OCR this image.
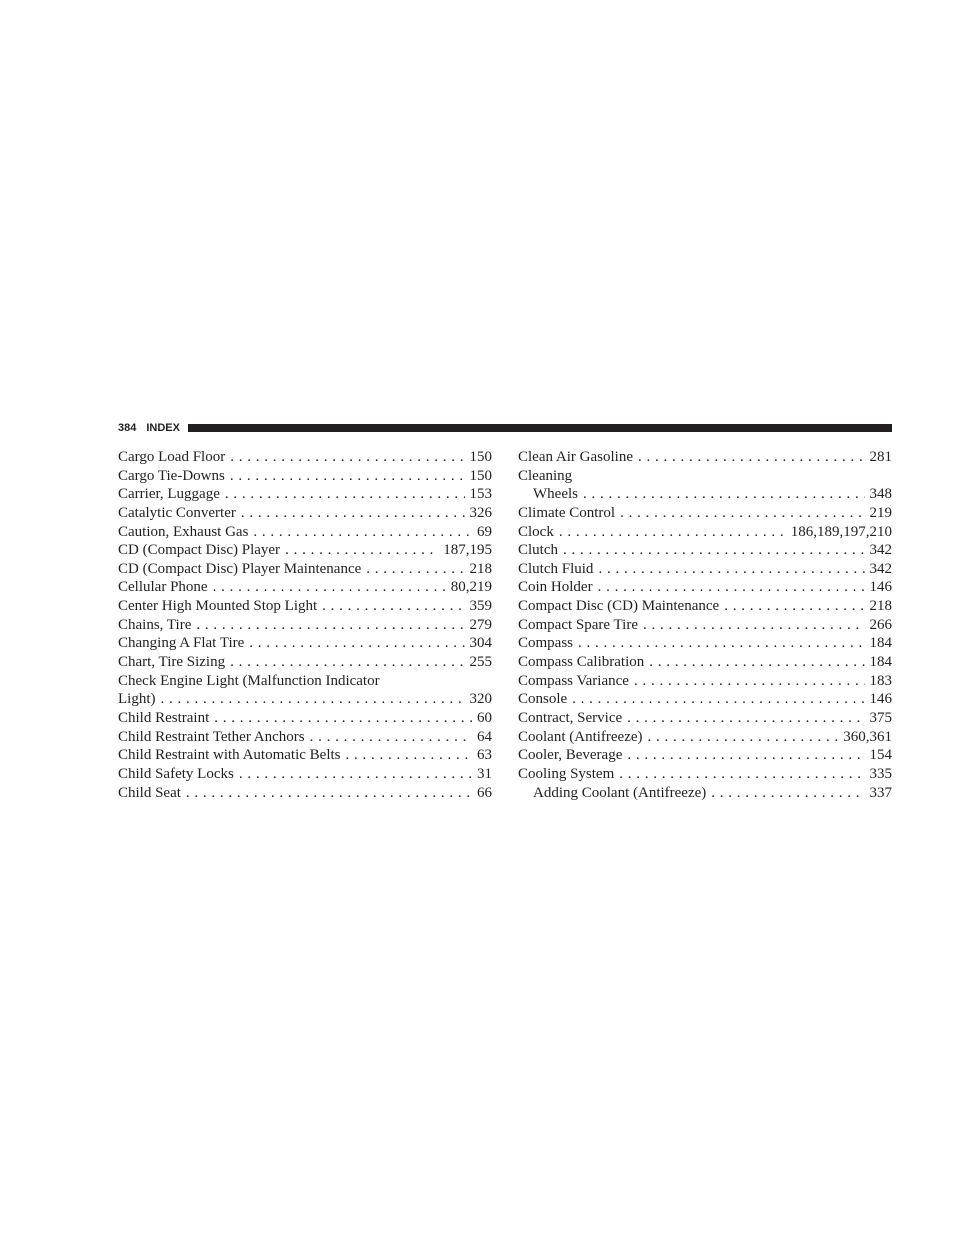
384 INDEX
Cargo Load Floor . . .	150
Cargo Tie-Downs . . .	150
Carrier, Luggage . . .	153
Catalytic Converter . . .	326
Caution, Exhaust Gas . . .	69
CD (Compact Disc) Player . . .	187,195
CD (Compact Disc) Player Maintenance . . .	218
Cellular Phone . . .	80,219
Center High Mounted Stop Light . . .	359
Chains, Tire . . .	279
Changing A Flat Tire . . .	304
Chart, Tire Sizing . . .	255
Check Engine Light (Malfunction Indicator
Light) . . .	320
Child Restraint . . .	60
Child Restraint Tether Anchors . . .	64
Child Restraint with Automatic Belts . . .	63
Child Safety Locks . . .	31
Child Seat . . .	66
Clean Air Gasoline . . .	281
Cleaning
Wheels . . .	348
Climate Control . . .	219
Clock . . .	186,189,197,210
Clutch . . .	342
Clutch Fluid . . .	342
Coin Holder . . .	146
Compact Disc (CD) Maintenance . . .	218
Compact Spare Tire . . .	266
Compass . . .	184
Compass Calibration . . .	184
Compass Variance . . .	183
Console . . .	146
Contract, Service . . .	375
Coolant (Antifreeze) . . .	360,361
Cooler, Beverage . . .	154
Cooling System . . .	335
Adding Coolant (Antifreeze) . . .	337
